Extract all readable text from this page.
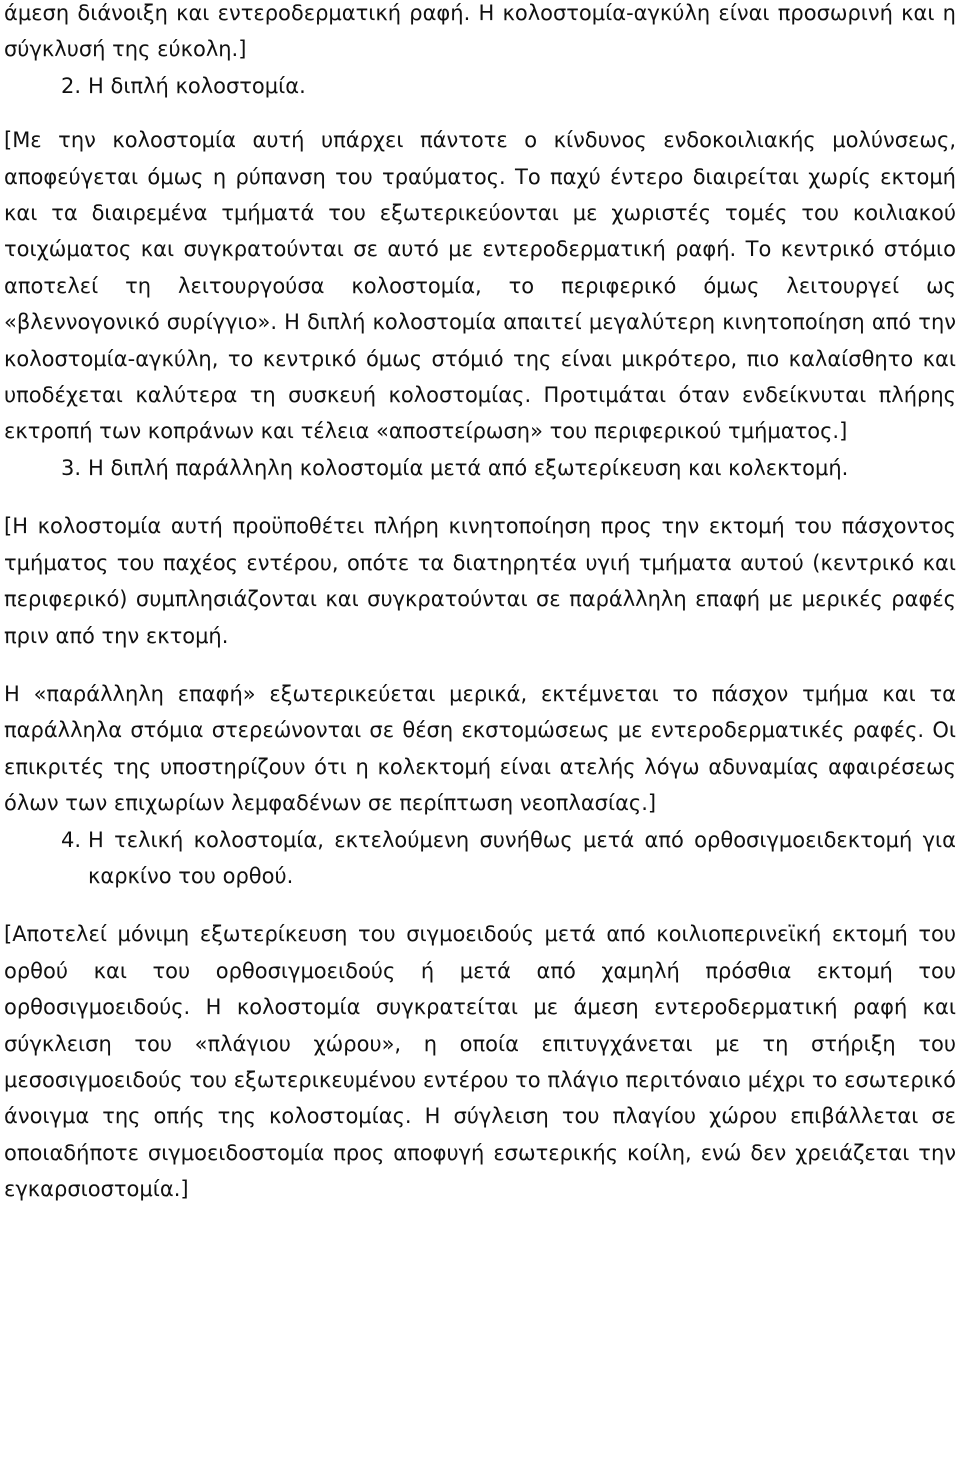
άμεση διάνοιξη και εντεροδερματική ραφή. Η κολοστομία-αγκύλη είναι προσωρινή και η σύγκλυσή της εύκολη.]

2. Η διπλή κολοστομία.

[Με την κολοστομία αυτή υπάρχει πάντοτε ο κίνδυνος ενδοκοιλιακής μολύνσεως, αποφεύγεται όμως η ρύπανση του τραύματος. Το παχύ έντερο διαιρείται χωρίς εκτομή και τα διαιρεμένα τμήματά του εξωτερικεύονται με χωριστές τομές του κοιλιακού τοιχώματος και συγκρατούνται σε αυτό με εντεροδερματική ραφή. Το κεντρικό στόμιο αποτελεί τη λειτουργούσα κολοστομία, το περιφερικό όμως λειτουργεί ως «βλεννογονικό συρίγγιο». Η διπλή κολοστομία απαιτεί μεγαλύτερη κινητοποίηση από την κολοστομία-αγκύλη, το κεντρικό όμως στόμιό της είναι μικρότερο, πιο καλαίσθητο και υποδέχεται καλύτερα τη συσκευή κολοστομίας. Προτιμάται όταν ενδείκνυται πλήρης εκτροπή των κοπράνων και τέλεια «αποστείρωση» του περιφερικού τμήματος.]

3. Η διπλή παράλληλη κολοστομία μετά από εξωτερίκευση και κολεκτομή.

[Η κολοστομία αυτή προϋποθέτει πλήρη κινητοποίηση προς την εκτομή του πάσχοντος τμήματος του παχέος εντέρου, οπότε τα διατηρητέα υγιή τμήματα αυτού (κεντρικό και περιφερικό) συμπλησιάζονται και συγκρατούνται σε παράλληλη επαφή με μερικές ραφές πριν από την εκτομή.

Η «παράλληλη επαφή» εξωτερικεύεται μερικά, εκτέμνεται το πάσχον τμήμα και τα παράλληλα στόμια στερεώνονται σε θέση εκστομώσεως με εντεροδερματικές ραφές. Οι επικριτές της υποστηρίζουν ότι η κολεκτομή είναι ατελής λόγω αδυναμίας αφαιρέσεως όλων των επιχωρίων λεμφαδένων σε περίπτωση νεοπλασίας.]

4. Η τελική κολοστομία, εκτελούμενη συνήθως μετά από ορθοσιγμοειδεκτομή για καρκίνο του ορθού.

[Αποτελεί μόνιμη εξωτερίκευση του σιγμοειδούς μετά από κοιλιοπερινεϊκή εκτομή του ορθού και του ορθοσιγμοειδούς ή μετά από χαμηλή πρόσθια εκτομή του ορθοσιγμοειδούς. Η κολοστομία συγκρατείται με άμεση εντεροδερματική ραφή και σύγκλειση του «πλάγιου χώρου», η οποία επιτυγχάνεται με τη στήριξη του μεσοσιγμοειδούς του εξωτερικευμένου εντέρου το πλάγιο περιτόναιο μέχρι το εσωτερικό άνοιγμα της οπής της κολοστομίας. Η σύγλειση του πλαγίου χώρου επιβάλλεται σε οποιαδήποτε σιγμοειδοστομία προς αποφυγή εσωτερικής κοίλη, ενώ δεν χρειάζεται την εγκαρσιοστομία.]
